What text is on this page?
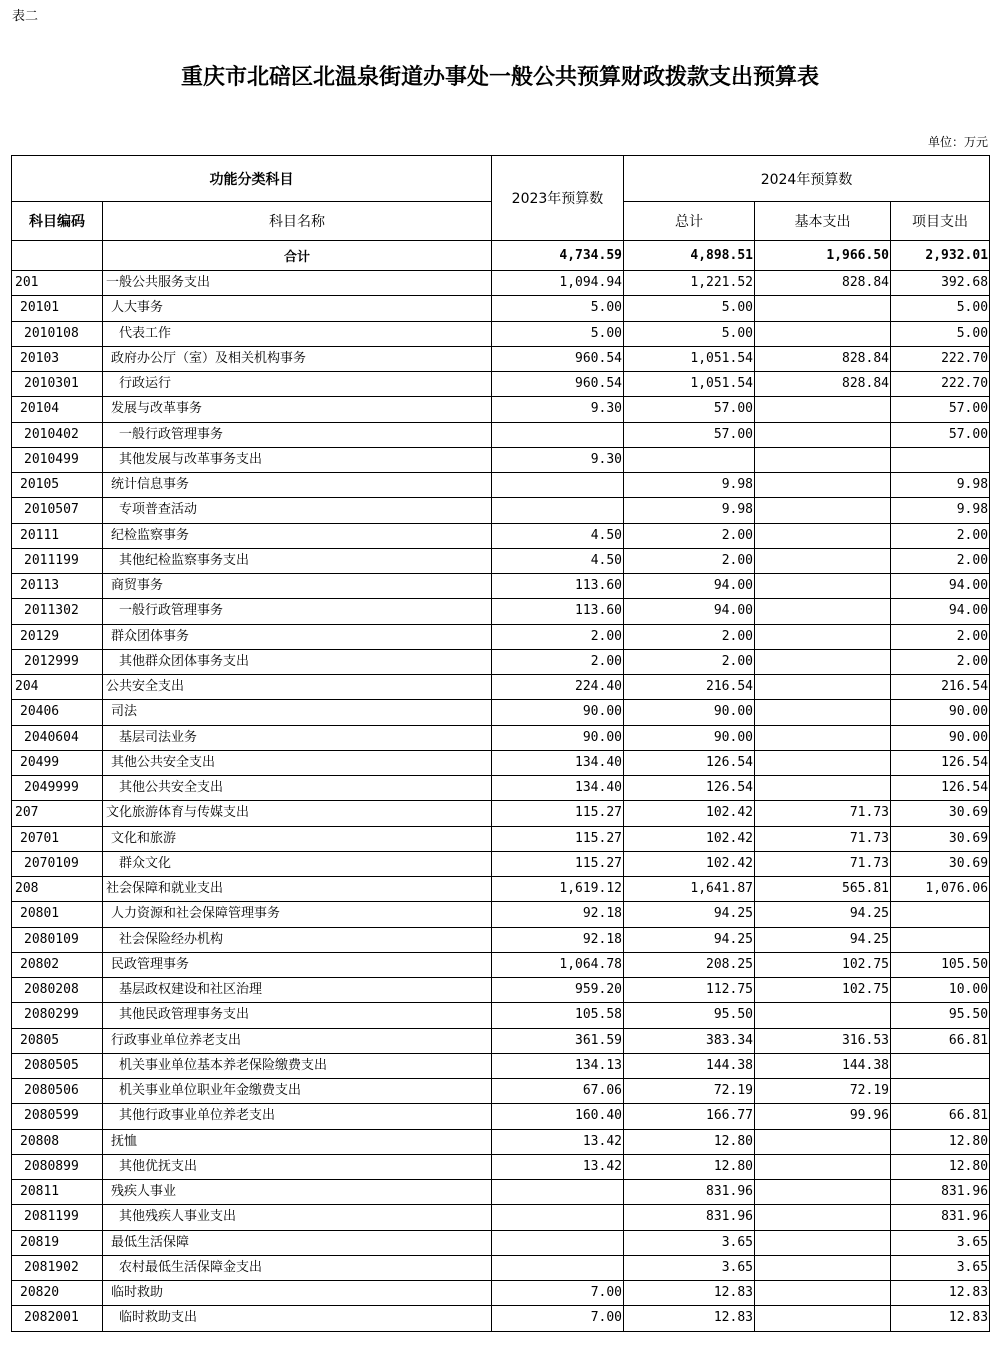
表二
重庆市北碚区北温泉街道办事处一般公共预算财政拨款支出预算表
单位：万元
功能分类科目		2023年预算数	2024年预算数		
科目编码	科目名称		总计	基本支出	项目支出
	合计	4,734.59	4,898.51	1,966.50	2,932.01
201	一般公共服务支出	1,094.94	1,221.52	828.84	392.68
20101	人大事务	5.00	5.00		5.00
2010108	代表工作	5.00	5.00		5.00
20103	政府办公厅（室）及相关机构事务	960.54	1,051.54	828.84	222.70
2010301	行政运行	960.54	1,051.54	828.84	222.70
20104	发展与改革事务	9.30	57.00		57.00
2010402	一般行政管理事务		57.00		57.00
2010499	其他发展与改革事务支出	9.30			
20105	统计信息事务		9.98		9.98
2010507	专项普查活动		9.98		9.98
20111	纪检监察事务	4.50	2.00		2.00
2011199	其他纪检监察事务支出	4.50	2.00		2.00
20113	商贸事务	113.60	94.00		94.00
2011302	一般行政管理事务	113.60	94.00		94.00
20129	群众团体事务	2.00	2.00		2.00
2012999	其他群众团体事务支出	2.00	2.00		2.00
204	公共安全支出	224.40	216.54		216.54
20406	司法	90.00	90.00		90.00
2040604	基层司法业务	90.00	90.00		90.00
20499	其他公共安全支出	134.40	126.54		126.54
2049999	其他公共安全支出	134.40	126.54		126.54
207	文化旅游体育与传媒支出	115.27	102.42	71.73	30.69
20701	文化和旅游	115.27	102.42	71.73	30.69
2070109	群众文化	115.27	102.42	71.73	30.69
208	社会保障和就业支出	1,619.12	1,641.87	565.81	1,076.06
20801	人力资源和社会保障管理事务	92.18	94.25	94.25	
2080109	社会保险经办机构	92.18	94.25	94.25	
20802	民政管理事务	1,064.78	208.25	102.75	105.50
2080208	基层政权建设和社区治理	959.20	112.75	102.75	10.00
2080299	其他民政管理事务支出	105.58	95.50		95.50
20805	行政事业单位养老支出	361.59	383.34	316.53	66.81
2080505	机关事业单位基本养老保险缴费支出	134.13	144.38	144.38	
2080506	机关事业单位职业年金缴费支出	67.06	72.19	72.19	
2080599	其他行政事业单位养老支出	160.40	166.77	99.96	66.81
20808	抚恤	13.42	12.80		12.80
2080899	其他优抚支出	13.42	12.80		12.80
20811	残疾人事业		831.96		831.96
2081199	其他残疾人事业支出		831.96		831.96
20819	最低生活保障		3.65		3.65
2081902	农村最低生活保障金支出		3.65		3.65
20820	临时救助	7.00	12.83		12.83
2082001	临时救助支出	7.00	12.83		12.83
